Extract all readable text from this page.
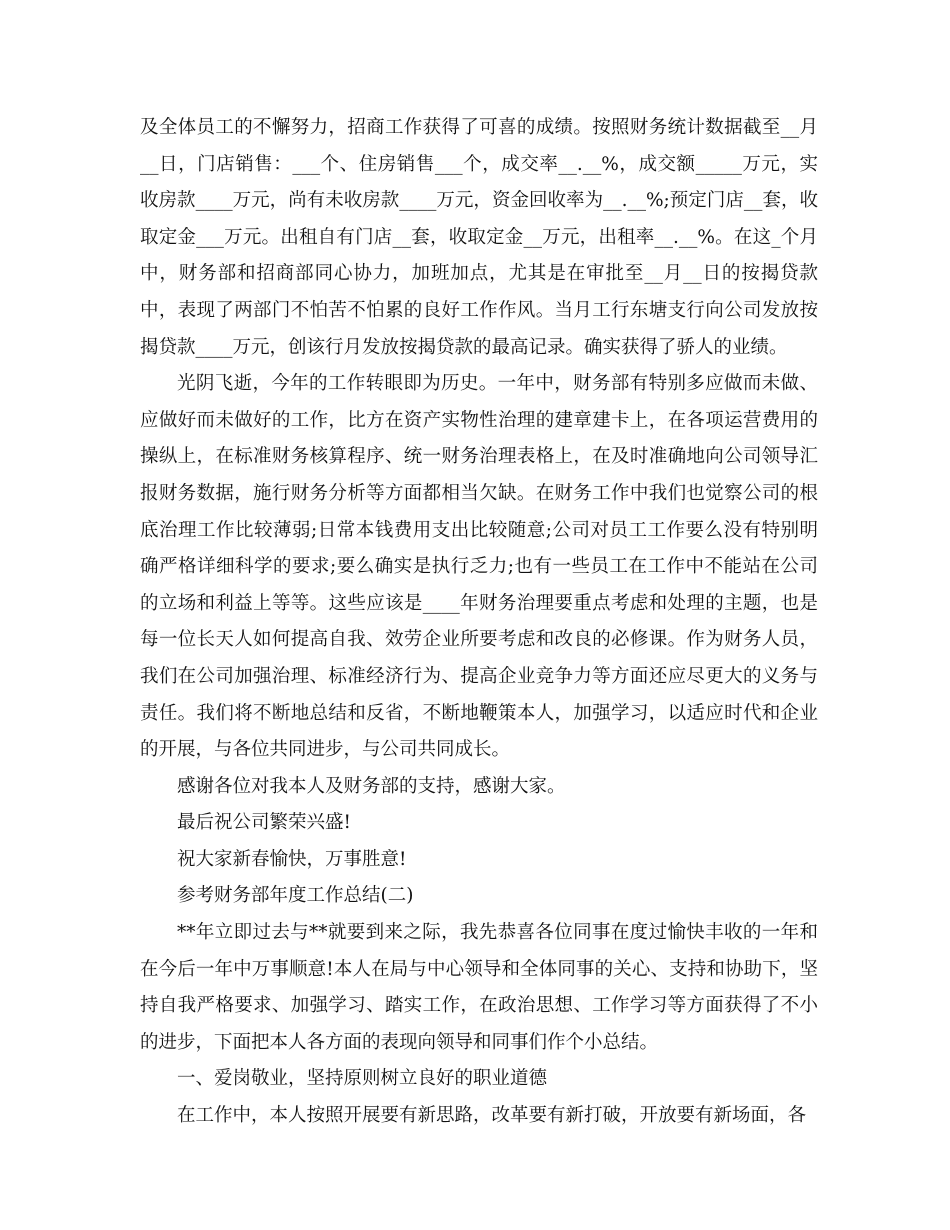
及全体员工的不懈努力，招商工作获得了可喜的成绩。按照财务统计数据截至__月__日，门店销售：___个、住房销售___个，成交率__.__%，成交额_____万元，实收房款____万元，尚有未收房款____万元，资金回收率为__.__%;预定门店__套，收取定金___万元。出租自有门店__套，收取定金__万元，出租率__.__%。在这_个月中，财务部和招商部同心协力，加班加点，尤其是在审批至__月__日的按揭贷款中，表现了两部门不怕苦不怕累的良好工作作风。当月工行东塘支行向公司发放按揭贷款____万元，创该行月发放按揭贷款的最高记录。确实获得了骄人的业绩。

光阴飞逝，今年的工作转眼即为历史。一年中，财务部有特别多应做而未做、应做好而未做好的工作，比方在资产实物性治理的建章建卡上，在各项运营费用的操纵上，在标准财务核算程序、统一财务治理表格上，在及时准确地向公司领导汇报财务数据，施行财务分析等方面都相当欠缺。在财务工作中我们也觉察公司的根底治理工作比较薄弱;日常本钱费用支出比较随意;公司对员工工作要么没有特别明确严格详细科学的要求;要么确实是执行乏力;也有一些员工在工作中不能站在公司的立场和利益上等等。这些应该是____年财务治理要重点考虑和处理的主题，也是每一位长天人如何提高自我、效劳企业所要考虑和改良的必修课。作为财务人员，我们在公司加强治理、标准经济行为、提高企业竞争力等方面还应尽更大的义务与责任。我们将不断地总结和反省，不断地鞭策本人，加强学习，以适应时代和企业的开展，与各位共同进步，与公司共同成长。

感谢各位对我本人及财务部的支持，感谢大家。

最后祝公司繁荣兴盛!

祝大家新春愉快，万事胜意!

参考财务部年度工作总结(二)

**年立即过去与**就要到来之际，我先恭喜各位同事在度过愉快丰收的一年和在今后一年中万事顺意!本人在局与中心领导和全体同事的关心、支持和协助下，坚持自我严格要求、加强学习、踏实工作，在政治思想、工作学习等方面获得了不小的进步，下面把本人各方面的表现向领导和同事们作个小总结。

一、爱岗敬业，坚持原则树立良好的职业道德

在工作中，本人按照开展要有新思路，改革要有新打破，开放要有新场面，各
